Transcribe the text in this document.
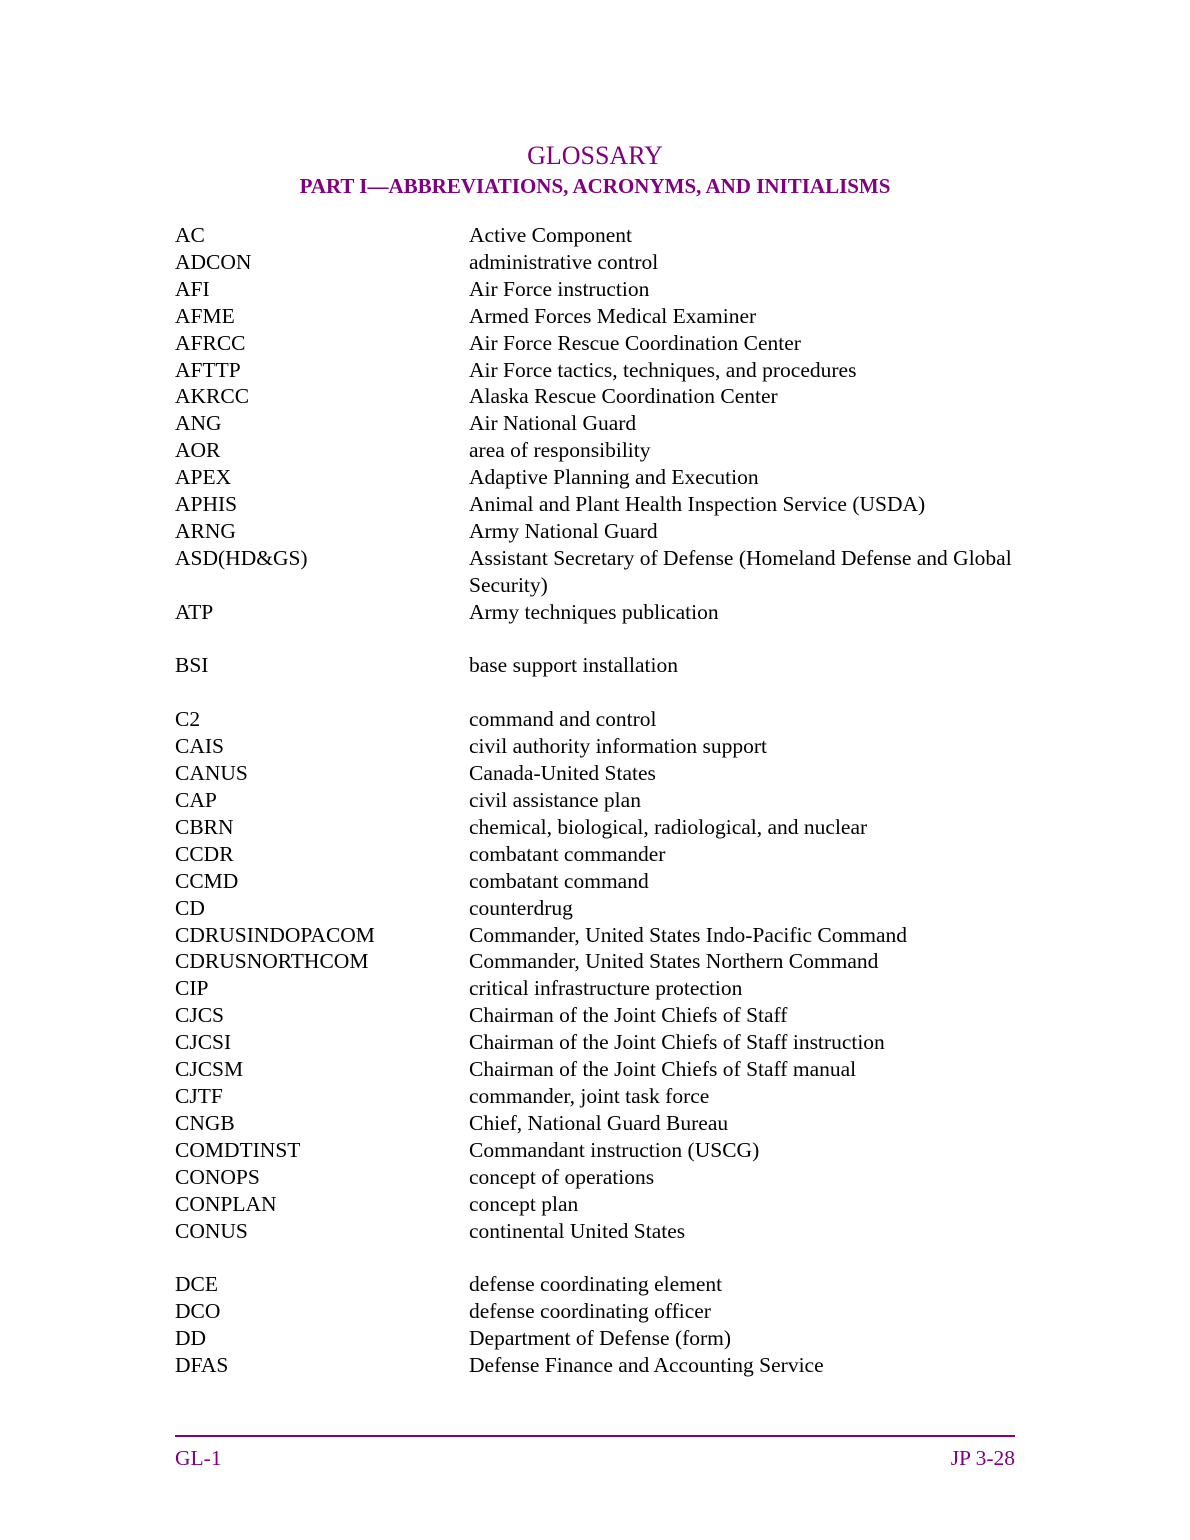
GLOSSARY
PART I—ABBREVIATIONS, ACRONYMS, AND INITIALISMS
AC	Active Component
ADCON	administrative control
AFI	Air Force instruction
AFME	Armed Forces Medical Examiner
AFRCC	Air Force Rescue Coordination Center
AFTTP	Air Force tactics, techniques, and procedures
AKRCC	Alaska Rescue Coordination Center
ANG	Air National Guard
AOR	area of responsibility
APEX	Adaptive Planning and Execution
APHIS	Animal and Plant Health Inspection Service (USDA)
ARNG	Army National Guard
ASD(HD&GS)	Assistant Secretary of Defense (Homeland Defense and Global Security)
ATP	Army techniques publication
BSI	base support installation
C2	command and control
CAIS	civil authority information support
CANUS	Canada-United States
CAP	civil assistance plan
CBRN	chemical, biological, radiological, and nuclear
CCDR	combatant commander
CCMD	combatant command
CD	counterdrug
CDRUSINDOPACOM	Commander, United States Indo-Pacific Command
CDRUSNORTHCOM	Commander, United States Northern Command
CIP	critical infrastructure protection
CJCS	Chairman of the Joint Chiefs of Staff
CJCSI	Chairman of the Joint Chiefs of Staff instruction
CJCSM	Chairman of the Joint Chiefs of Staff manual
CJTF	commander, joint task force
CNGB	Chief, National Guard Bureau
COMDTINST	Commandant instruction (USCG)
CONOPS	concept of operations
CONPLAN	concept plan
CONUS	continental United States
DCE	defense coordinating element
DCO	defense coordinating officer
DD	Department of Defense (form)
DFAS	Defense Finance and Accounting Service
GL-1	JP 3-28
